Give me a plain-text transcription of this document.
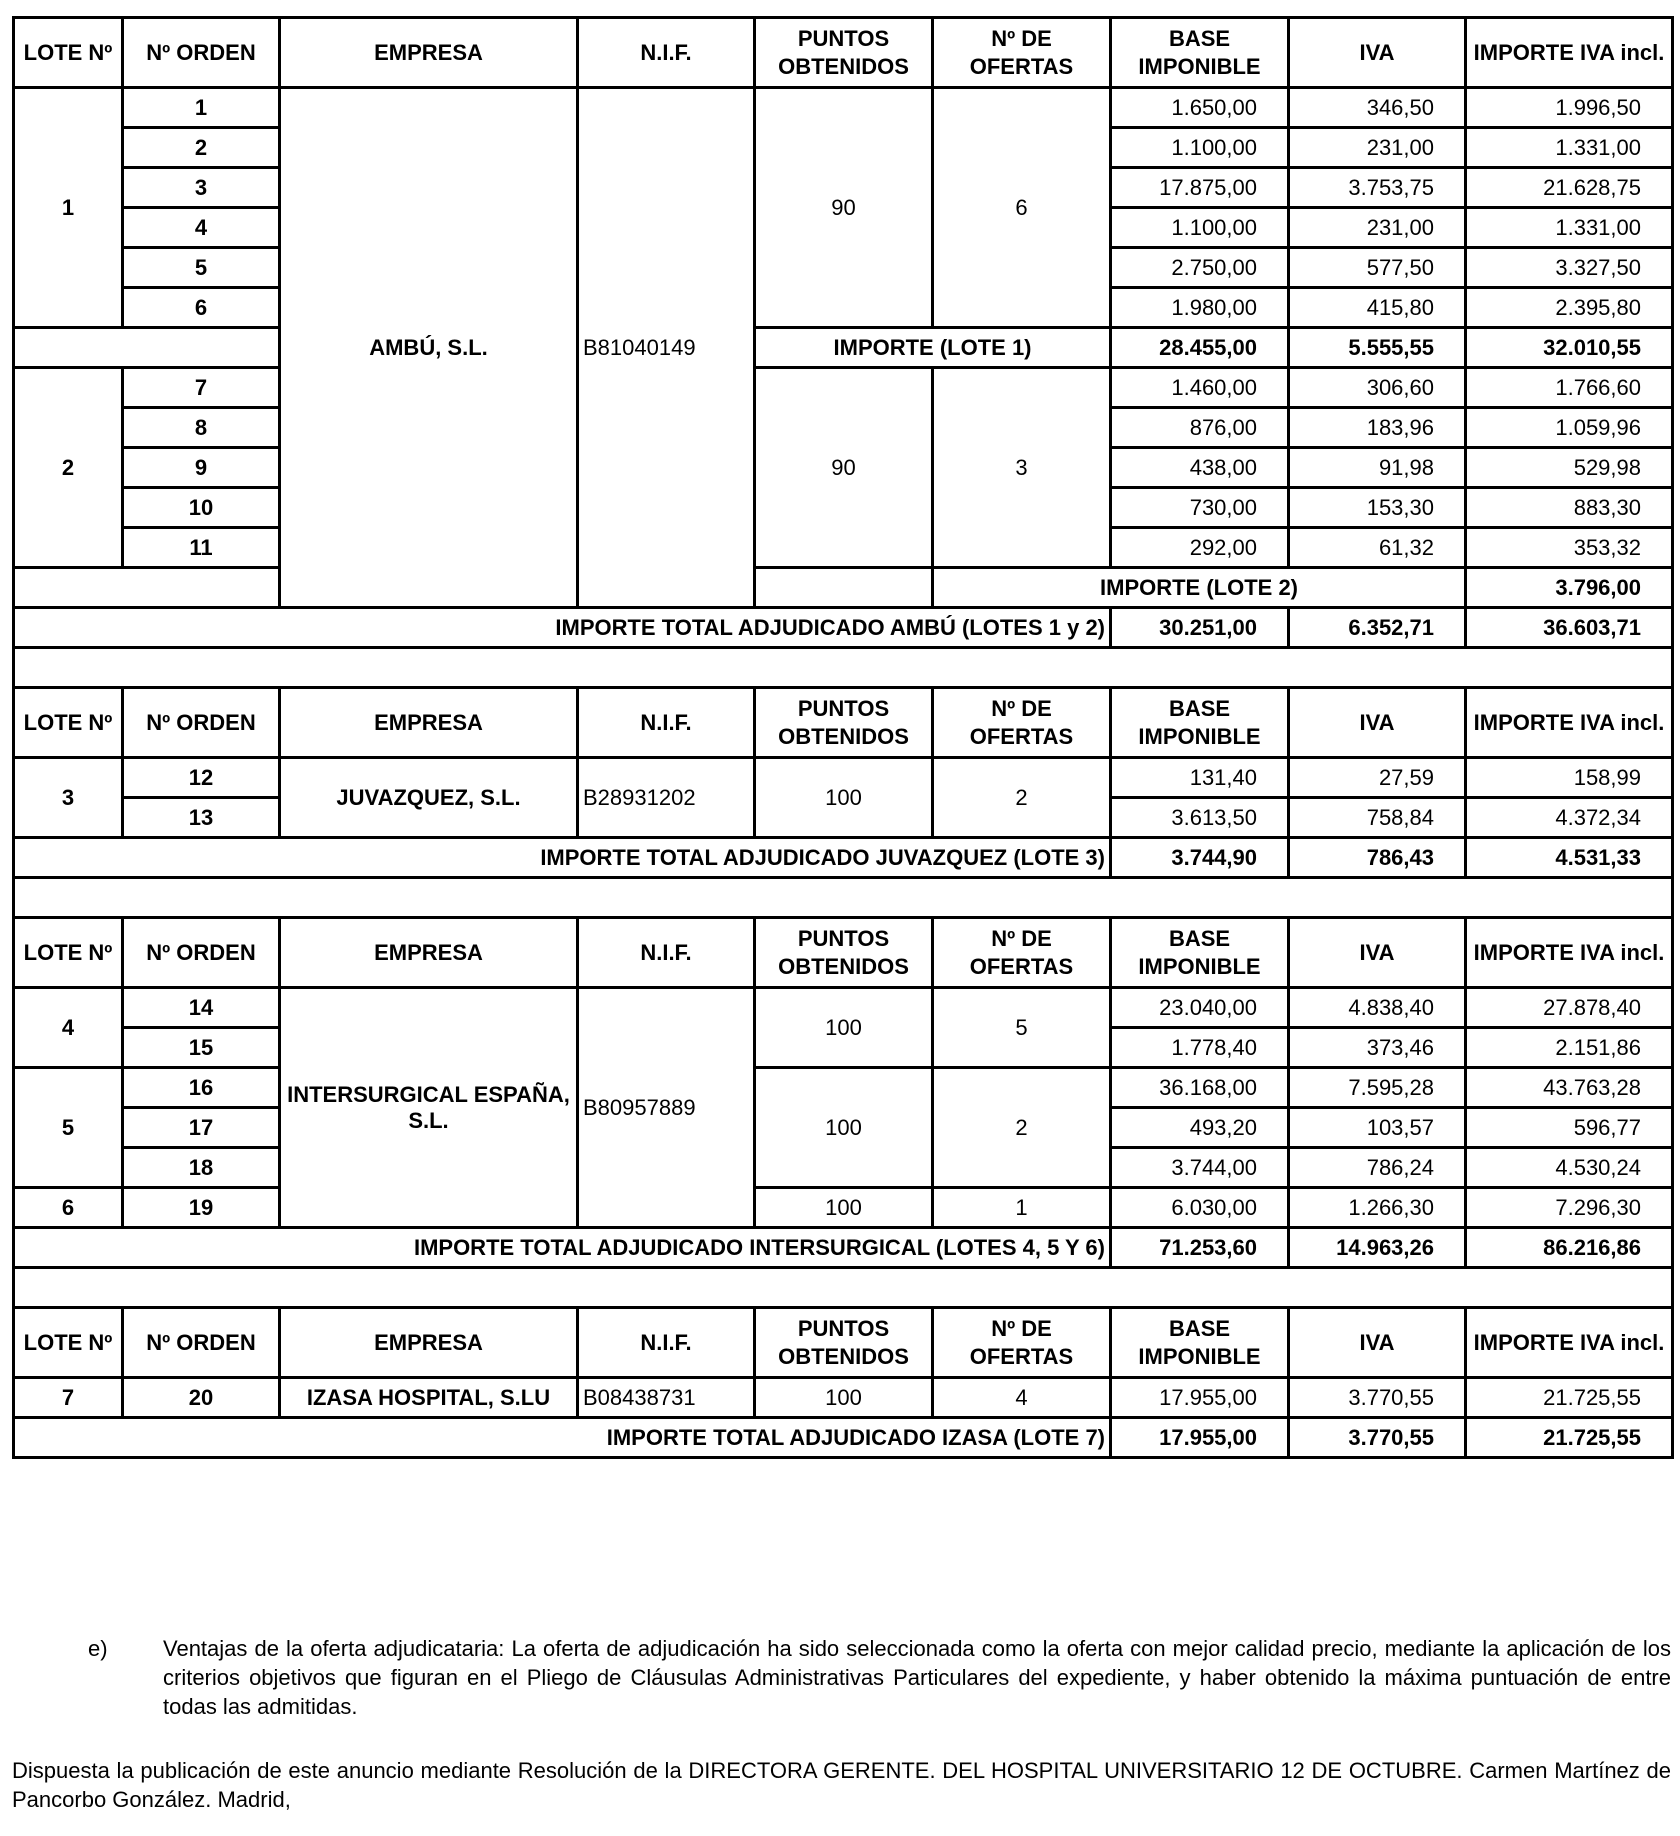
LOTE Nº	Nº ORDEN	EMPRESA	N.I.F.	PUNTOS OBTENIDOS	Nº DE OFERTAS	BASE IMPONIBLE	IVA	IMPORTE IVA incl.	
1	1	AMBÚ, S.L.	B81040149	90	6	1.650,00	346,50	1.996,50	
	2					1.100,00	231,00	1.331,00	
	3					17.875,00	3.753,75	21.628,75	
	4					1.100,00	231,00	1.331,00	
	5					2.750,00	577,50	3.327,50	
	6					1.980,00	415,80	2.395,80	
				IMPORTE (LOTE 1)		28.455,00	5.555,55	32.010,55	
2	7			90	3	1.460,00	306,60	1.766,60	
	8					876,00	183,96	1.059,96	
	9					438,00	91,98	529,98	
	10					730,00	153,30	883,30	
	11					292,00	61,32	353,32	
					IMPORTE (LOTE 2)			3.796,00		
IMPORTE TOTAL ADJUDICADO AMBÚ (LOTES 1 y 2)						30.251,00	6.352,71	36.603,71	

LOTE Nº	Nº ORDEN	EMPRESA	N.I.F.	PUNTOS OBTENIDOS	Nº DE OFERTAS	BASE IMPONIBLE	IVA	IMPORTE IVA incl.	
3	12	JUVAZQUEZ, S.L.	B28931202	100	2	131,40	27,59	158,99	
	13					3.613,50	758,84	4.372,34	
IMPORTE TOTAL ADJUDICADO JUVAZQUEZ (LOTE 3)						3.744,90	786,43	4.531,33	

LOTE Nº	Nº ORDEN	EMPRESA	N.I.F.	PUNTOS OBTENIDOS	Nº DE OFERTAS	BASE IMPONIBLE	IVA	IMPORTE IVA incl.	
4	14	INTERSURGICAL ESPAÑA, S.L.	B80957889	100	5	23.040,00	4.838,40	27.878,40	
	15					1.778,40	373,46	2.151,86	
5	16			100	2	36.168,00	7.595,28	43.763,28	
	17					493,20	103,57	596,77	
	18					3.744,00	786,24	4.530,24	
6	19			100	1	6.030,00	1.266,30	7.296,30	
IMPORTE TOTAL ADJUDICADO INTERSURGICAL (LOTES 4, 5 Y 6)						71.253,60	14.963,26	86.216,86	

LOTE Nº	Nº ORDEN	EMPRESA	N.I.F.	PUNTOS OBTENIDOS	Nº DE OFERTAS	BASE IMPONIBLE	IVA	IMPORTE IVA incl.	
7	20	IZASA HOSPITAL, S.LU	B08438731	100	4	17.955,00	3.770,55	21.725,55	
IMPORTE TOTAL ADJUDICADO IZASA (LOTE 7)						17.955,00	3.770,55	21.725,55	
e)	Ventajas de la oferta adjudicataria: La oferta de adjudicación ha sido seleccionada como la oferta con mejor calidad precio, mediante la aplicación de los criterios objetivos que figuran en el Pliego de Cláusulas Administrativas Particulares del expediente, y haber obtenido la máxima puntuación de entre todas las admitidas.
Dispuesta la publicación de este anuncio mediante Resolución de la DIRECTORA GERENTE. DEL HOSPITAL UNIVERSITARIO 12 DE OCTUBRE. Carmen Martínez de Pancorbo González. Madrid,
